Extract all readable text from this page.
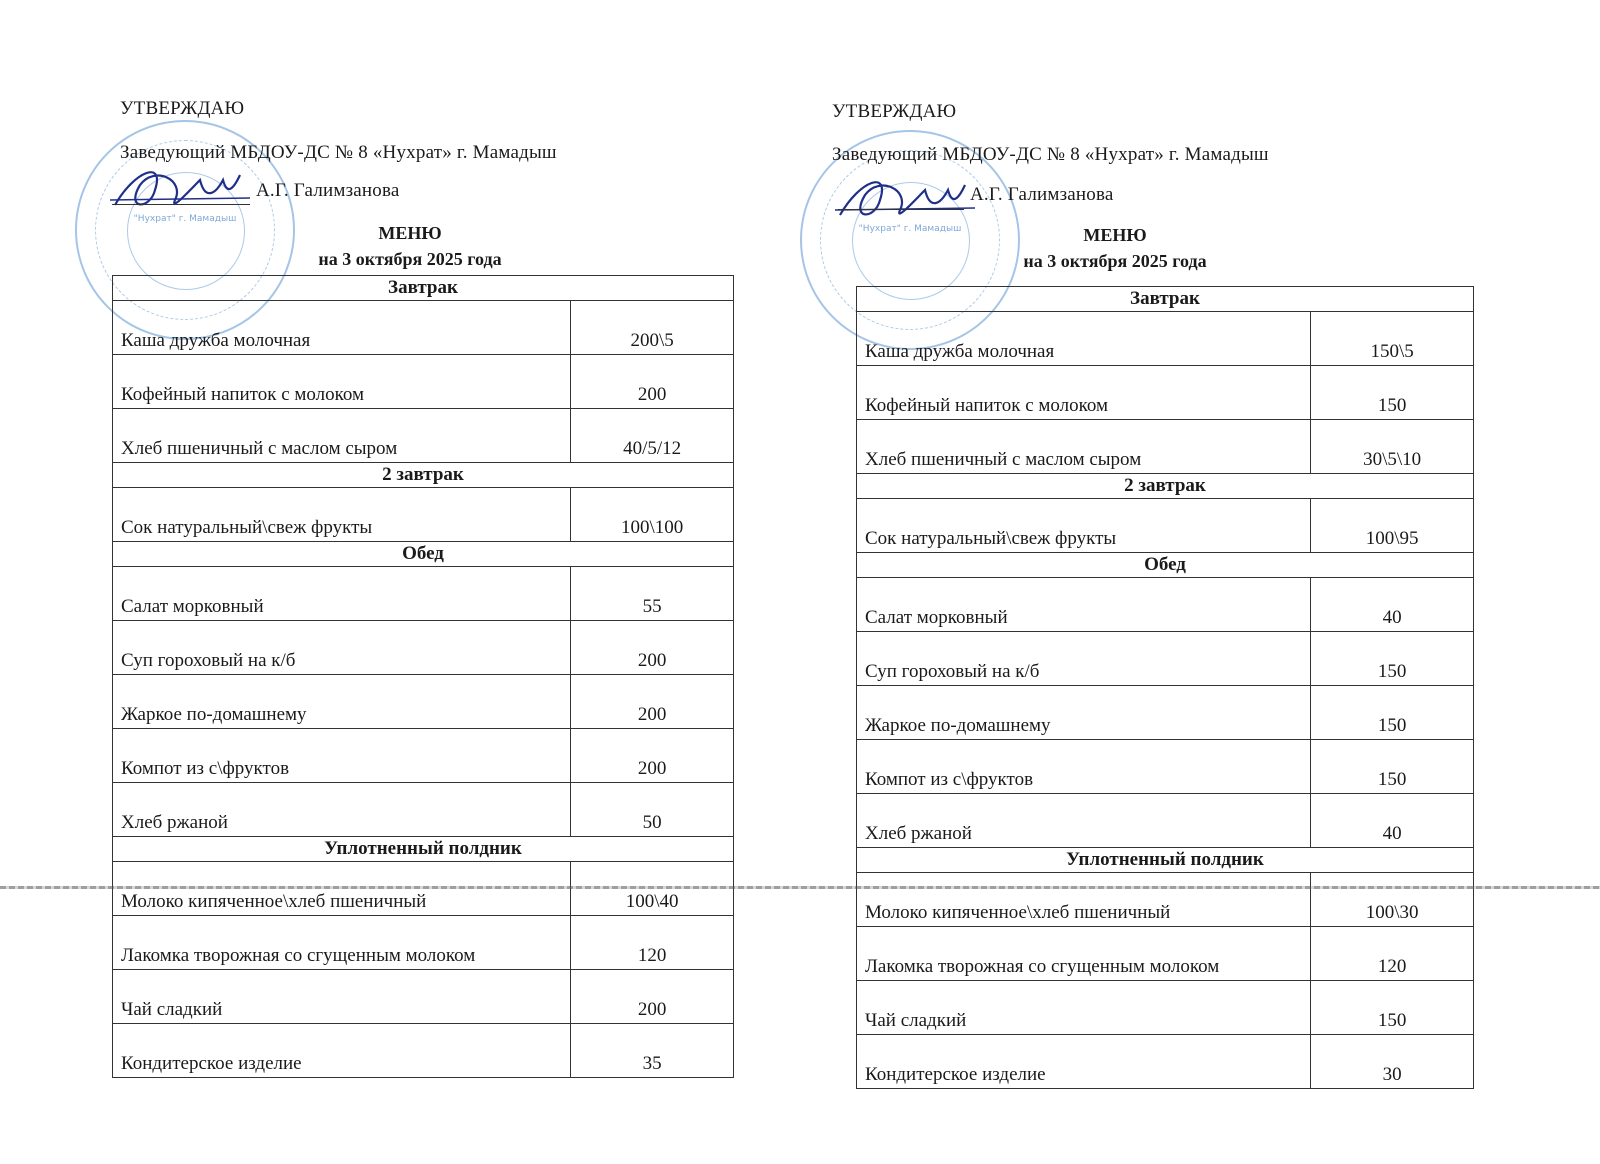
"Нухрат" г. Мамадыш
УТВЕРЖДАЮ
Заведующий МБДОУ-ДС № 8 «Нухрат» г. Мамадыш
А.Г. Галимзанова
МЕНЮ
на 3 октября 2025 года
Завтрак	
Каша дружба молочная	200\5
Кофейный напиток с молоком	200
Хлеб пшеничный с маслом сыром	40/5/12
2 завтрак	
Сок натуральный\свеж фрукты	100\100
Обед	
Салат морковный	55
Суп гороховый на к/б	200
Жаркое по-домашнему	200
Компот из с\фруктов	200
Хлеб ржаной	50
Уплотненный полдник	
Молоко кипяченное\хлеб пшеничный	100\40
Лакомка творожная со сгущенным молоком	120
Чай сладкий	200
Кондитерское изделие	35
"Нухрат" г. Мамадыш
УТВЕРЖДАЮ
Заведующий МБДОУ-ДС № 8 «Нухрат» г. Мамадыш
А.Г. Галимзанова
МЕНЮ
на 3 октября 2025 года
Завтрак	
Каша дружба молочная	150\5
Кофейный напиток с молоком	150
Хлеб пшеничный с маслом сыром	30\5\10
2 завтрак	
Сок натуральный\свеж фрукты	100\95
Обед	
Салат морковный	40
Суп гороховый на к/б	150
Жаркое по-домашнему	150
Компот из с\фруктов	150
Хлеб ржаной	40
Уплотненный полдник	
Молоко кипяченное\хлеб пшеничный	100\30
Лакомка творожная со сгущенным молоком	120
Чай сладкий	150
Кондитерское изделие	30
